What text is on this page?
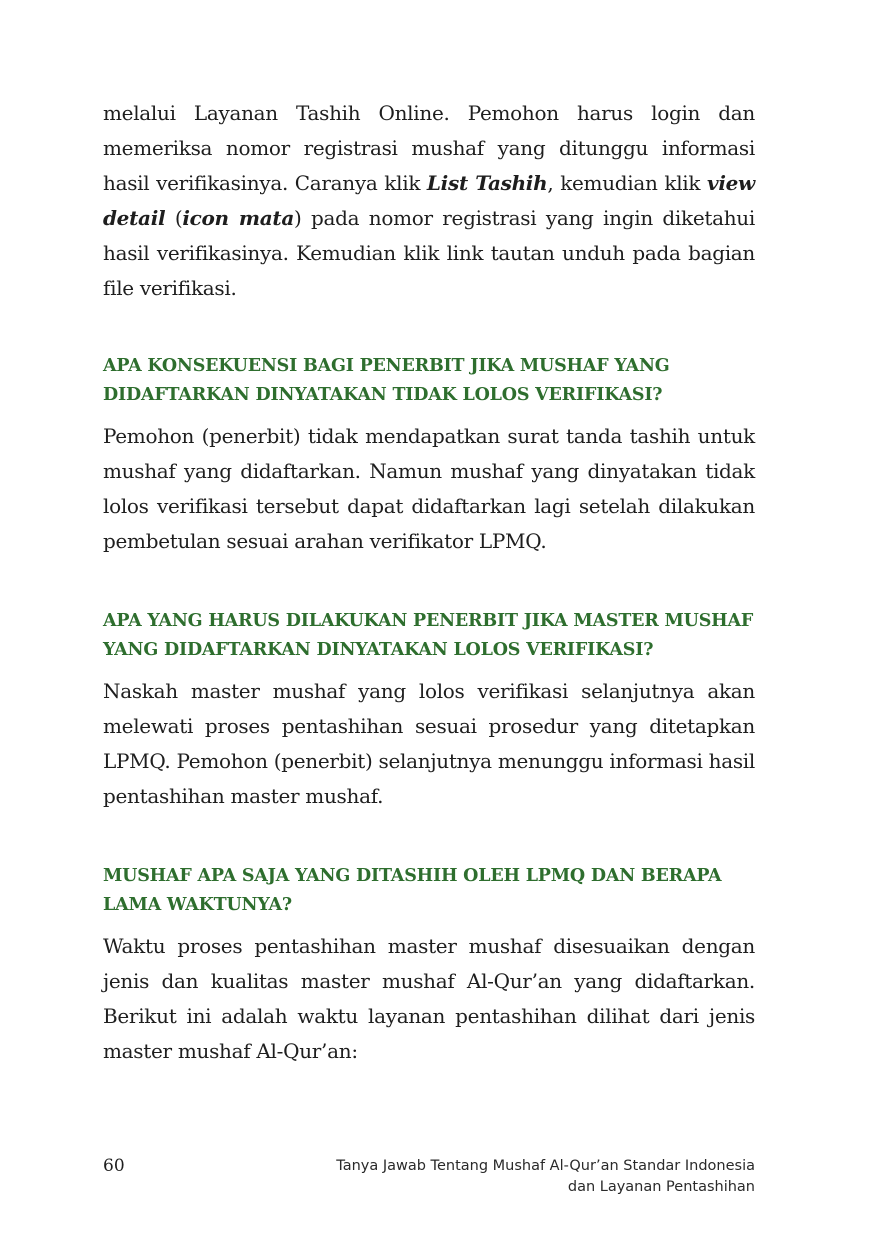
melalui Layanan Tashih Online. Pemohon harus login dan memeriksa nomor registrasi mushaf yang ditunggu informasi hasil verifikasinya. Caranya klik List Tashih, kemudian klik view detail (icon mata) pada nomor registrasi yang ingin diketahui hasil verifikasinya. Kemudian klik link tautan unduh pada bagian file verifikasi.

APA KONSEKUENSI BAGI PENERBIT JIKA MUSHAF YANG DIDAFTARKAN DINYATAKAN TIDAK LOLOS VERIFIKASI?

Pemohon (penerbit) tidak mendapatkan surat tanda tashih untuk mushaf yang didaftarkan. Namun mushaf yang dinyatakan tidak lolos verifikasi tersebut dapat didaftarkan lagi setelah dilakukan pembetulan sesuai arahan verifikator LPMQ.

APA YANG HARUS DILAKUKAN PENERBIT JIKA MASTER MUSHAF YANG DIDAFTARKAN DINYATAKAN LOLOS VERIFIKASI?

Naskah master mushaf yang lolos verifikasi selanjutnya akan melewati proses pentashihan sesuai prosedur yang ditetapkan LPMQ. Pemohon (penerbit) selanjutnya menunggu informasi hasil pentashihan master mushaf.

MUSHAF APA SAJA YANG DITASHIH OLEH LPMQ DAN BERAPA LAMA WAKTUNYA?

Waktu proses pentashihan master mushaf disesuaikan dengan jenis dan kualitas master mushaf Al-Qur’an yang didaftarkan. Berikut ini adalah waktu layanan pentashihan dilihat dari jenis master mushaf Al-Qur’an:

60	Tanya Jawab Tentang Mushaf Al-Qur’an Standar Indonesia
dan Layanan Pentashihan
